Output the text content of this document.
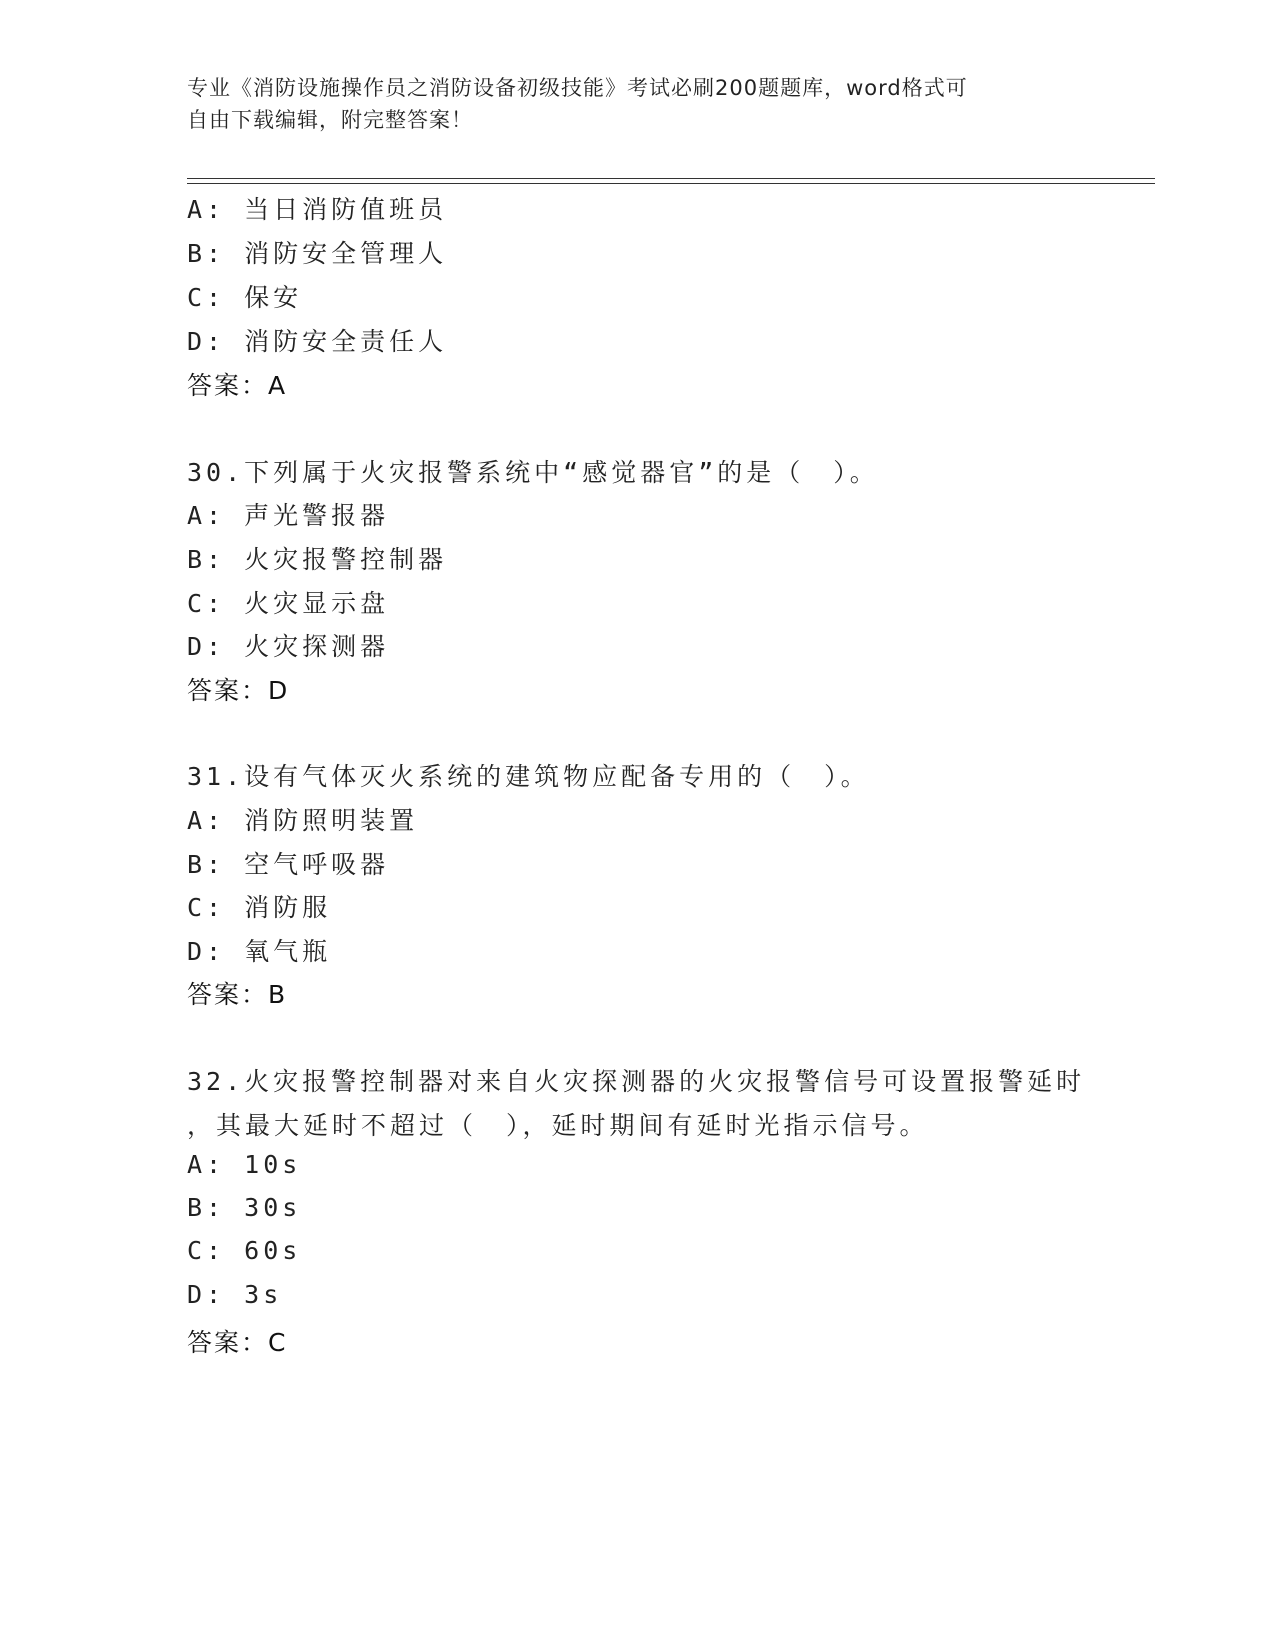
专业《消防设施操作员之消防设备初级技能》考试必刷200题题库，word格式可
自由下载编辑，附完整答案！
A: 当日消防值班员
B: 消防安全管理人
C: 保安
D: 消防安全责任人
答案：A
30.下列属于火灾报警系统中“感觉器官”的是（　）。
A: 声光警报器
B: 火灾报警控制器
C: 火灾显示盘
D: 火灾探测器
答案：D
31.设有气体灭火系统的建筑物应配备专用的（　）。
A: 消防照明装置
B: 空气呼吸器
C: 消防服
D: 氧气瓶
答案：B
32.火灾报警控制器对来自火灾探测器的火灾报警信号可设置报警延时
，其最大延时不超过（　），延时期间有延时光指示信号。
A: 10s
B: 30s
C: 60s
D: 3s
答案：C
